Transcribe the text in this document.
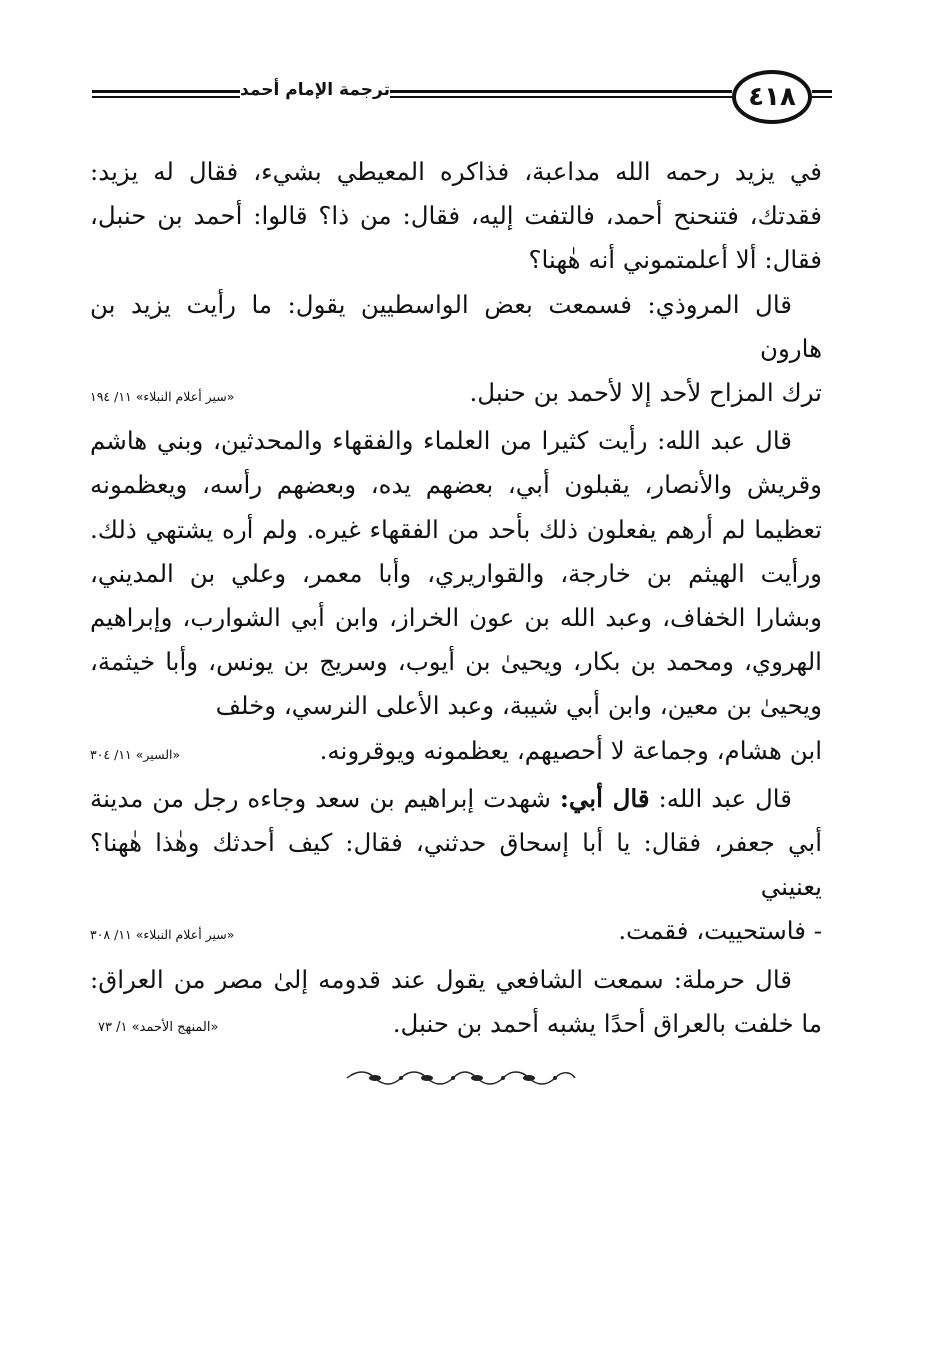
٤١٨
ترجمة الإمام أحمد

في يزيد رحمه الله مداعبة، فذاكره المعيطي بشيء، فقال له يزيد: فقدتك، فتنحنح أحمد، فالتفت إليه، فقال: من ذا؟ قالوا: أحمد بن حنبل، فقال: ألا أعلمتموني أنه هٰهنا؟

قال المروذي: فسمعت بعض الواسطيين يقول: ما رأيت يزيد بن هارون

ترك المزاح لأحد إلا لأحمد بن حنبل.
«سير أعلام النبلاء» ١١/ ١٩٤

قال عبد الله: رأيت كثيرا من العلماء والفقهاء والمحدثين، وبني هاشم وقريش والأنصار، يقبلون أبي، بعضهم يده، وبعضهم رأسه، ويعظمونه تعظيما لم أرهم يفعلون ذلك بأحد من الفقهاء غيره. ولم أره يشتهي ذلك. ورأيت الهيثم بن خارجة، والقواريري، وأبا معمر، وعلي بن المديني، وبشارا الخفاف، وعبد الله بن عون الخراز، وابن أبي الشوارب، وإبراهيم الهروي، ومحمد بن بكار، ويحيىٰ بن أيوب، وسريج بن يونس، وأبا خيثمة، ويحيىٰ بن معين، وابن أبي شيبة، وعبد الأعلى النرسي، وخلف

ابن هشام، وجماعة لا أحصيهم، يعظمونه ويوقرونه.
«السير» ١١/ ٣٠٤

قال عبد الله: قال أبي: شهدت إبراهيم بن سعد وجاءه رجل من مدينة أبي جعفر، فقال: يا أبا إسحاق حدثني، فقال: كيف أحدثك وهٰذا هٰهنا؟ يعنيني

- فاستحييت، فقمت.
«سير أعلام النبلاء» ١١/ ٣٠٨

قال حرملة: سمعت الشافعي يقول عند قدومه إلىٰ مصر من العراق: ما خلفت بالعراق أحدًا يشبه أحمد بن حنبل.

«المنهج الأحمد» ١/ ٧٣
